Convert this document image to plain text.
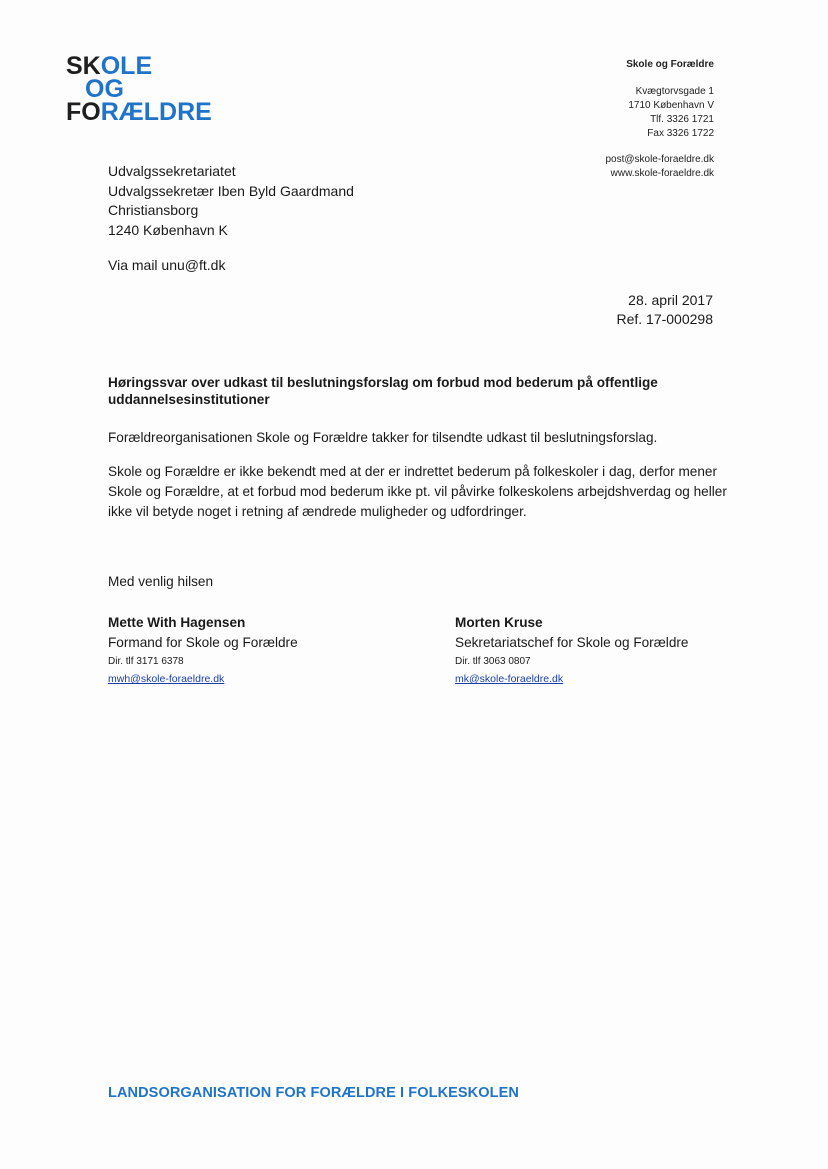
SKOLE
OG
FORÆLDRE
Skole og Forældre
Kvægtorvsgade 1
1710 København V
Tlf. 3326 1721
Fax 3326 1722
post@skole-foraeldre.dk
www.skole-foraeldre.dk
Udvalgssekretariatet
Udvalgssekretær Iben Byld Gaardmand
Christiansborg
1240 København K
Via mail unu@ft.dk
28. april 2017
Ref. 17-000298
Høringssvar over udkast til beslutningsforslag om forbud mod bederum på offentlige uddannelsesinstitutioner
Forældreorganisationen Skole og Forældre takker for tilsendte udkast til beslutningsforslag.
Skole og Forældre er ikke bekendt med at der er indrettet bederum på folkeskoler i dag, derfor mener Skole og Forældre, at et forbud mod bederum ikke pt. vil påvirke folkeskolens arbejdshverdag og heller ikke vil betyde noget i retning af ændrede muligheder og udfordringer.
Med venlig hilsen
Mette With Hagensen
Formand for Skole og Forældre
Dir. tlf 3171 6378
mwh@skole-foraeldre.dk
Morten Kruse
Sekretariatschef for Skole og Forældre
Dir. tlf 3063 0807
mk@skole-foraeldre.dk
LANDSORGANISATION FOR FORÆLDRE I FOLKESKOLEN
